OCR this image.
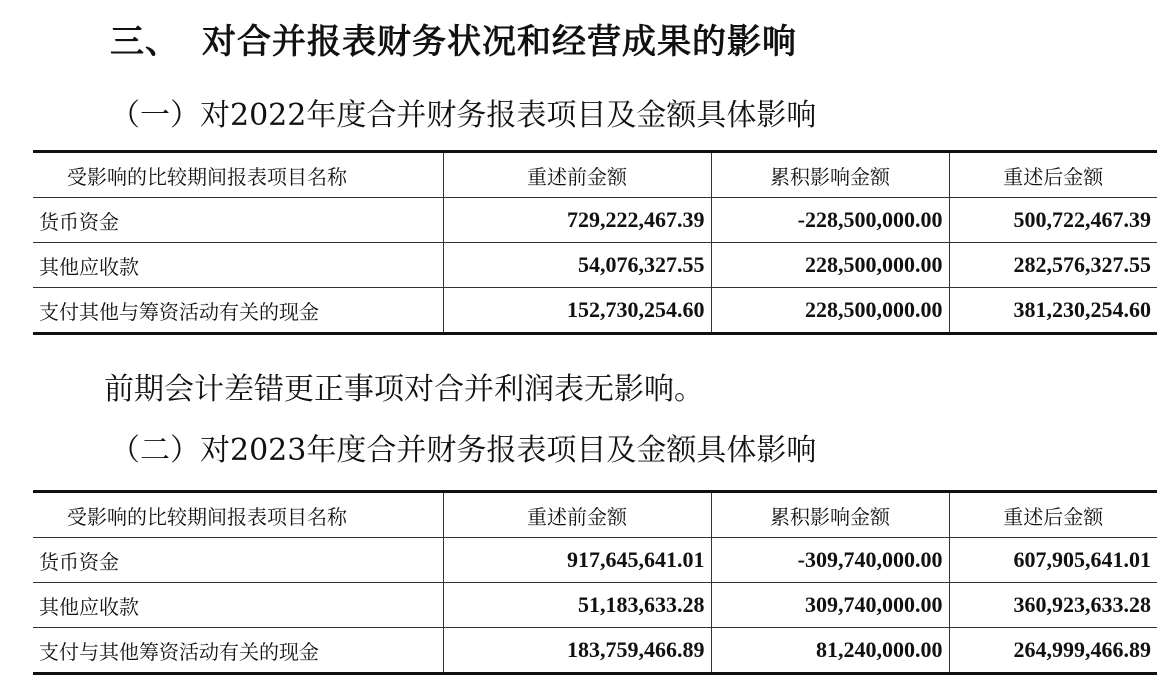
三、 对合并报表财务状况和经营成果的影响
（一）对2022年度合并财务报表项目及金额具体影响
受影响的比较期间报表项目名称	重述前金额	累积影响金额	重述后金额
货币资金	729,222,467.39	-228,500,000.00	500,722,467.39
其他应收款	54,076,327.55	228,500,000.00	282,576,327.55
支付其他与筹资活动有关的现金	152,730,254.60	228,500,000.00	381,230,254.60
前期会计差错更正事项对合并利润表无影响。
（二）对2023年度合并财务报表项目及金额具体影响
受影响的比较期间报表项目名称	重述前金额	累积影响金额	重述后金额
货币资金	917,645,641.01	-309,740,000.00	607,905,641.01
其他应收款	51,183,633.28	309,740,000.00	360,923,633.28
支付与其他筹资活动有关的现金	183,759,466.89	81,240,000.00	264,999,466.89
